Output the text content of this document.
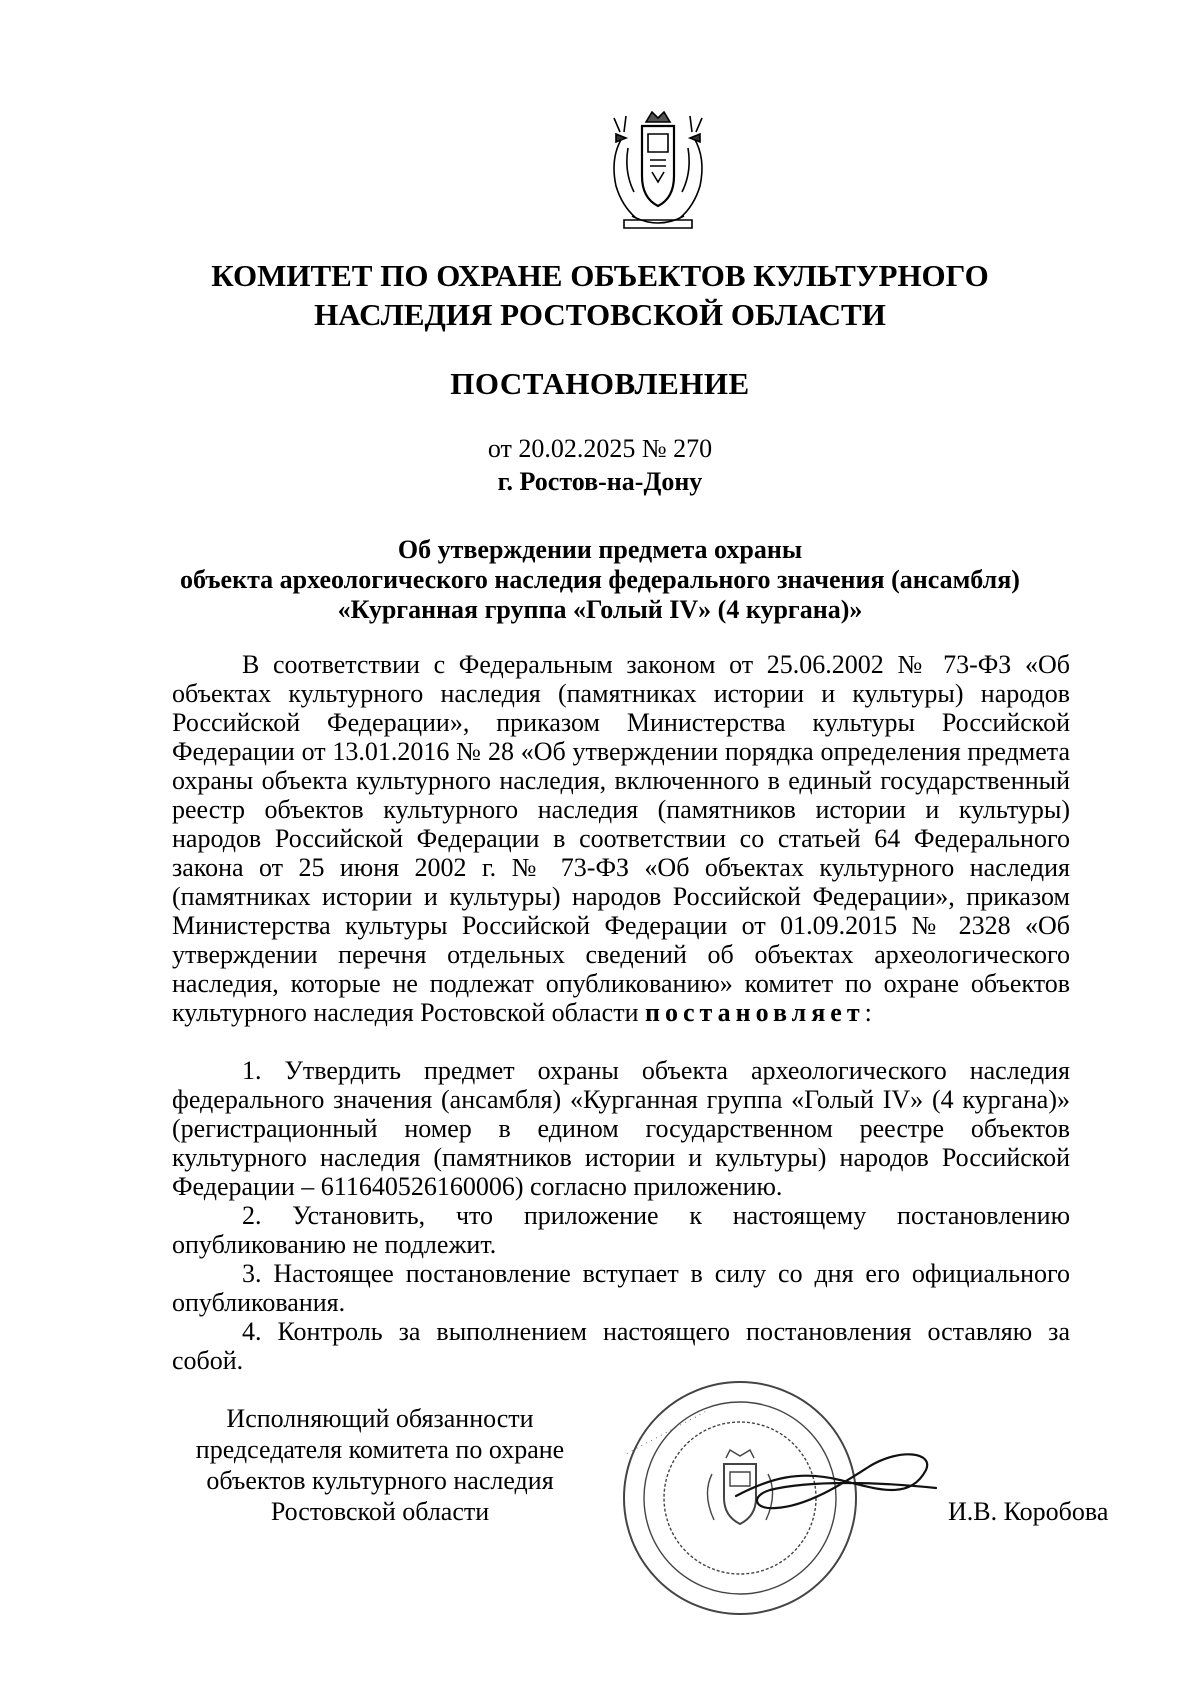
КОМИТЕТ ПО ОХРАНЕ ОБЪЕКТОВ КУЛЬТУРНОГО
НАСЛЕДИЯ РОСТОВСКОЙ ОБЛАСТИ
ПОСТАНОВЛЕНИЕ
от 20.02.2025 № 270
г. Ростов-на-Дону
Об утверждении предмета охраны
объекта археологического наследия федерального значения (ансамбля)
«Курганная группа «Голый IV» (4 кургана)»

В соответствии с Федеральным законом от 25.06.2002 № 73-ФЗ «Об объектах культурного наследия (памятниках истории и культуры) народов Российской Федерации», приказом Министерства культуры Российской Федерации от 13.01.2016 № 28 «Об утверждении порядка определения предмета охраны объекта культурного наследия, включенного в единый государственный реестр объектов культурного наследия (памятников истории и культуры) народов Российской Федерации в соответствии со статьей 64 Федерального закона от 25 июня 2002 г. № 73-ФЗ «Об объектах культурного наследия (памятниках истории и культуры) народов Российской Федерации», приказом Министерства культуры Российской Федерации от 01.09.2015 № 2328 «Об утверждении перечня отдельных сведений об объектах археологического наследия, которые не подлежат опубликованию» комитет по охране объектов культурного наследия Ростовской области постановляет:

1. Утвердить предмет охраны объекта археологического наследия федерального значения (ансамбля) «Курганная группа «Голый IV» (4 кургана)» (регистрационный номер в едином государственном реестре объектов культурного наследия (памятников истории и культуры) народов Российской Федерации – 611640526160006) согласно приложению.

2. Установить, что приложение к настоящему постановлению опубликованию не подлежит.

3. Настоящее постановление вступает в силу со дня его официального опубликования.

4. Контроль за выполнением настоящего постановления оставляю за собой.

Исполняющий обязанности
председателя комитета по охране
объектов культурного наследия
Ростовской области
· · · · · · · · · · · · · · · · ·
И.В. Коробова
